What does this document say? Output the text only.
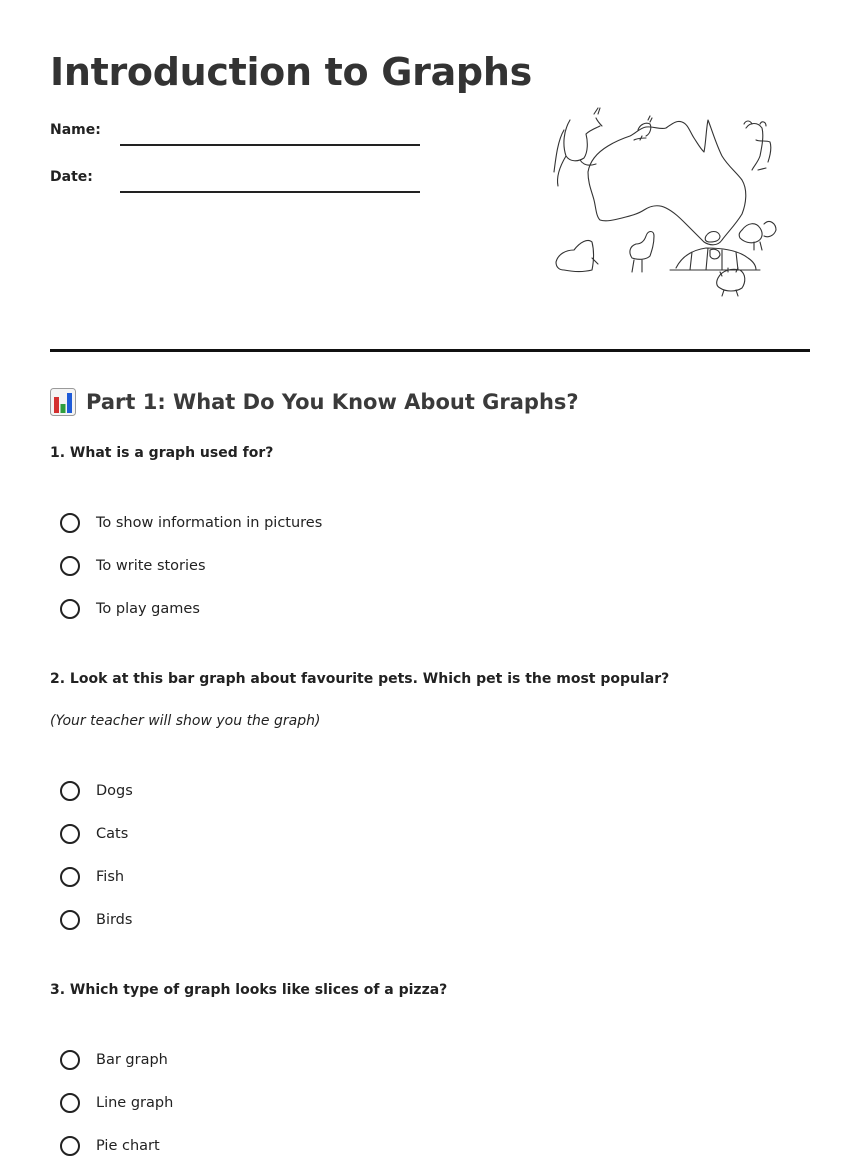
Introduction to Graphs
Name:
Date:
Part 1: What Do You Know About Graphs?
1. What is a graph used for?
To show information in pictures
To write stories
To play games
2. Look at this bar graph about favourite pets. Which pet is the most popular?
(Your teacher will show you the graph)
Dogs
Cats
Fish
Birds
3. Which type of graph looks like slices of a pizza?
Bar graph
Line graph
Pie chart
